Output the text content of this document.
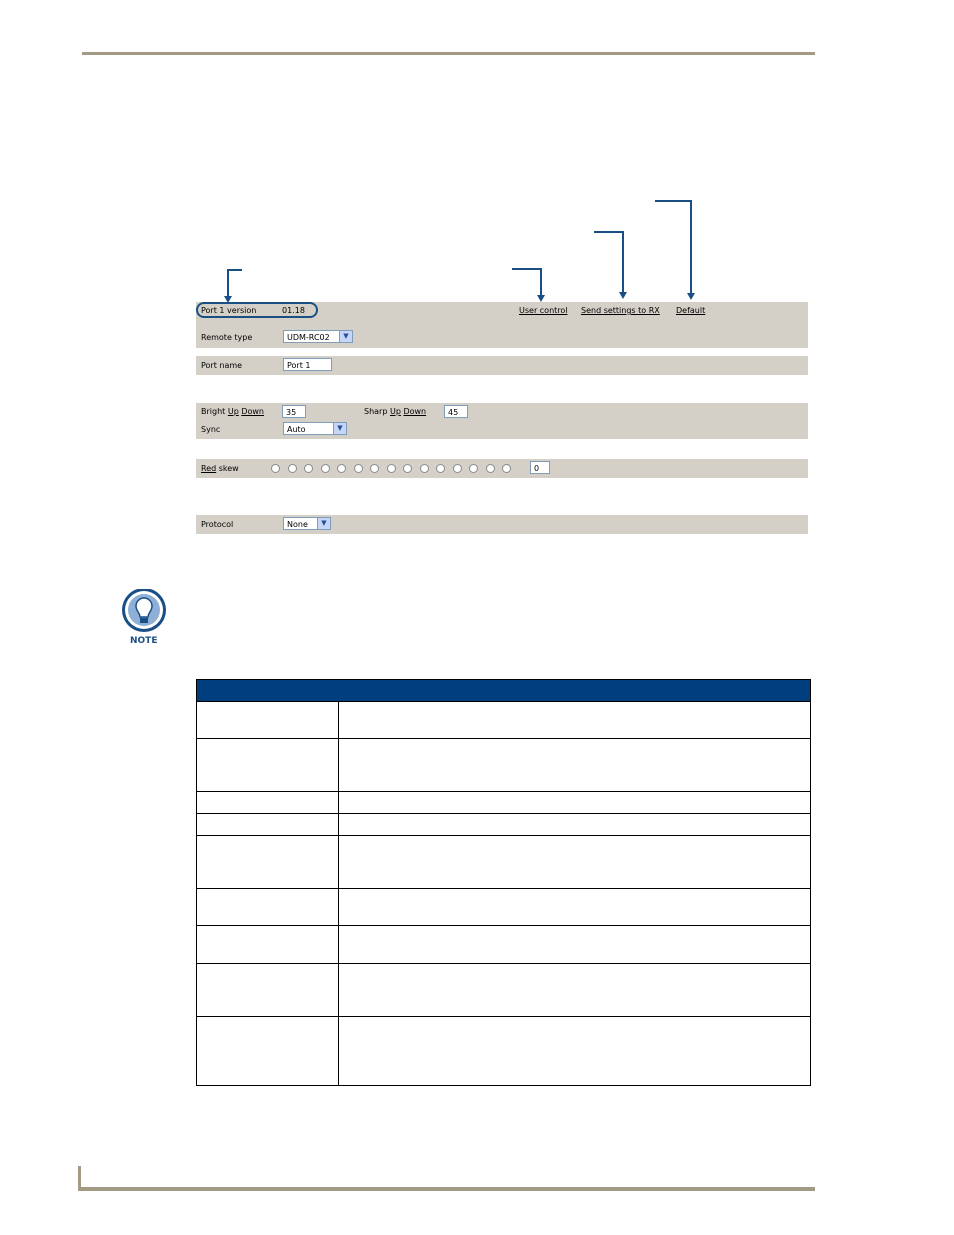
Port 1 version	01.18	User control Send settings to RX Default
Remote type	UDM-RC02	▼
Port name	Port 1
Bright Up Down	35	Sharp Up Down	45
Sync	Auto	▼
Red skew	0
Protocol	None	▼
NOTE
